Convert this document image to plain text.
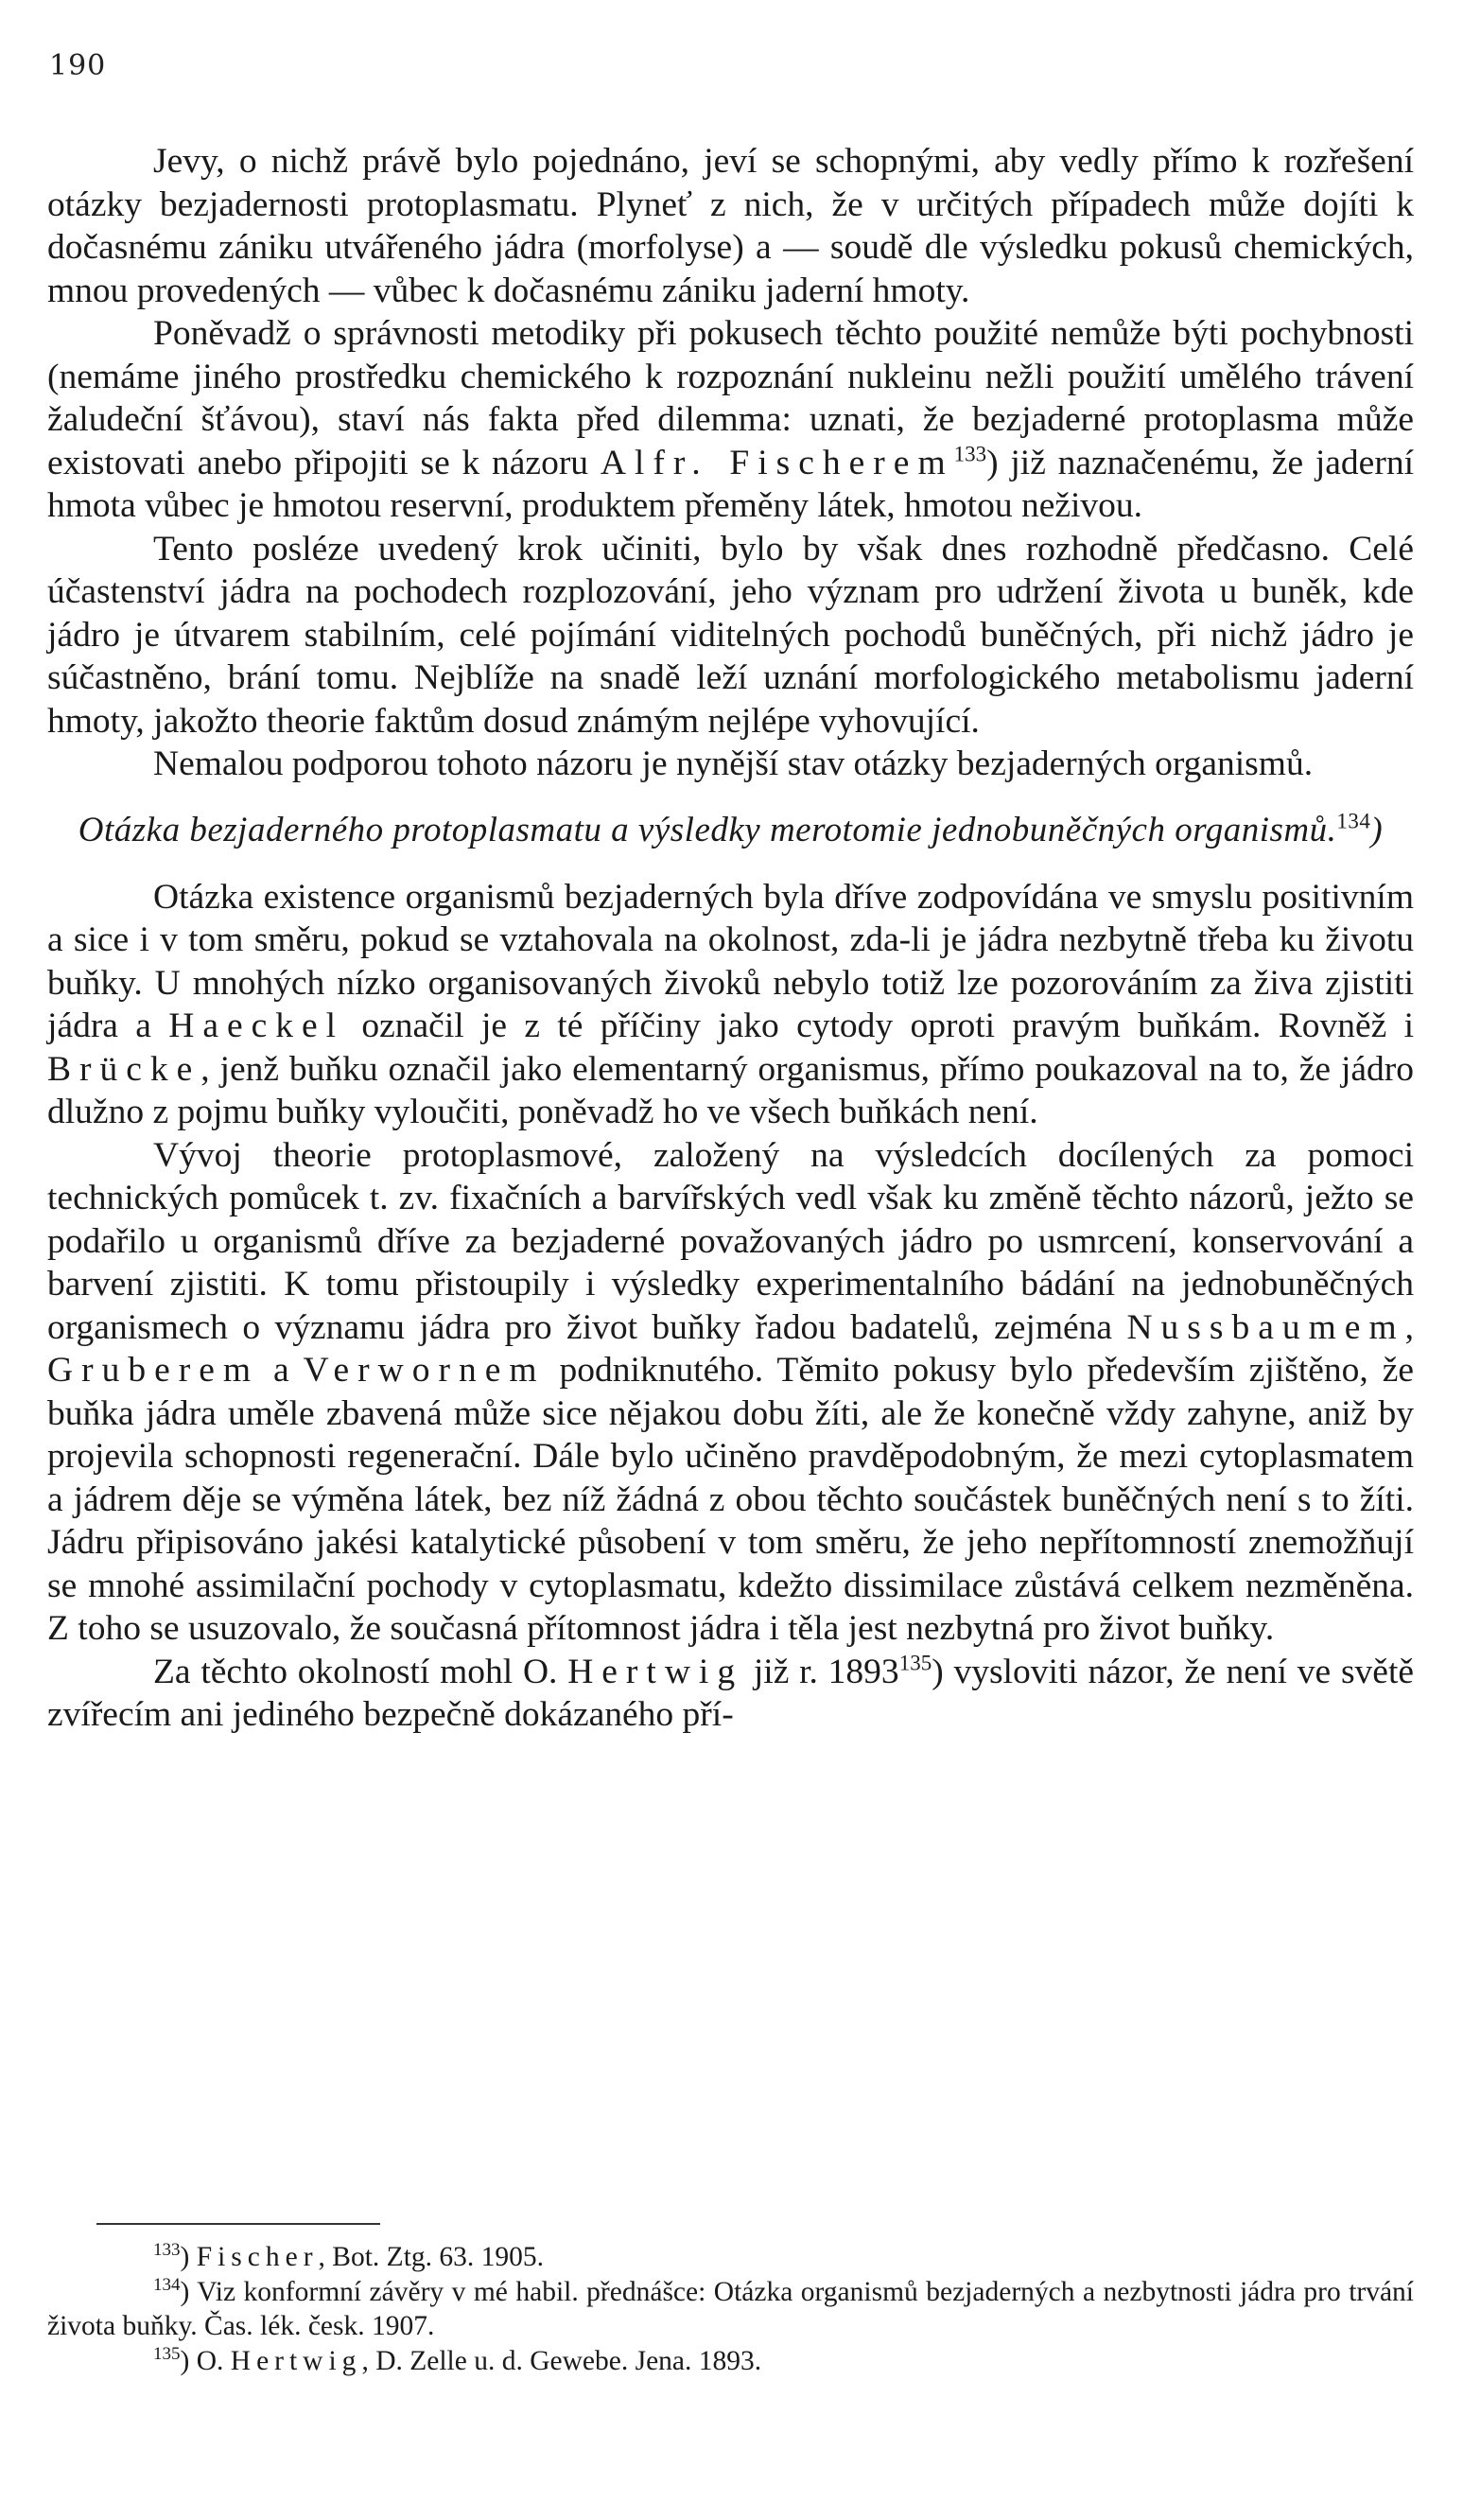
190

Jevy, o nichž právě bylo pojednáno, jeví se schopnými, aby vedly přímo k rozřešení otázky bezjadernosti protoplasmatu. Plyneť z nich, že v určitých případech může dojíti k dočasnému zániku utvářeného jádra (morfolyse) a — soudě dle výsledku pokusů chemických, mnou provedených — vůbec k dočasnému zániku jaderní hmoty.

Poněvadž o správnosti metodiky při pokusech těchto použité nemůže býti pochybnosti (nemáme jiného prostředku chemického k rozpoznání nukleinu nežli použití umělého trávení žaludeční šťávou), staví nás fakta před dilemma: uznati, že bezjaderné protoplasma může existovati anebo připojiti se k názoru Alfr. Fischerem$^{133}$) již naznačenému, že jaderní hmota vůbec je hmotou reservní, produktem přeměny látek, hmotou neživou.

Tento posléze uvedený krok učiniti, bylo by však dnes rozhodně předčasno. Celé účastenství jádra na pochodech rozplozování, jeho význam pro udržení života u buněk, kde jádro je útvarem stabilním, celé pojímání viditelných pochodů buněčných, při nichž jádro je súčastněno, brání tomu. Nejblíže na snadě leží uznání morfologického metabolismu jaderní hmoty, jakožto theorie faktům dosud známým nejlépe vyhovující.

Nemalou podporou tohoto názoru je nynější stav otázky bezjaderných organismů.

Otázka bezjaderného protoplasmatu a výsledky merotomie jednobuněčných organismů.$^{134}$)

Otázka existence organismů bezjaderných byla dříve zodpovídána ve smyslu positivním a sice i v tom směru, pokud se vztahovala na okolnost, zda-li je jádra nezbytně třeba ku životu buňky. U mnohých nízko organisovaných živoků nebylo totiž lze pozorováním za živa zjistiti jádra a Haeckel označil je z té příčiny jako cytody oproti pravým buňkám. Rovněž i Brücke, jenž buňku označil jako elementarný organismus, přímo poukazoval na to, že jádro dlužno z pojmu buňky vyloučiti, poněvadž ho ve všech buňkách není.

Vývoj theorie protoplasmové, založený na výsledcích docílených za pomoci technických pomůcek t. zv. fixačních a barvířských vedl však ku změně těchto názorů, ježto se podařilo u organismů dříve za bezjaderné považovaných jádro po usmrcení, konservování a barvení zjistiti. K tomu přistoupily i výsledky experimentalního bádání na jednobuněčných organismech o významu jádra pro život buňky řadou badatelů, zejména Nussbaumem, Gruberem a Verwornem podniknutého. Těmito pokusy bylo především zjištěno, že buňka jádra uměle zbavená může sice nějakou dobu žíti, ale že konečně vždy zahyne, aniž by projevila schopnosti regenerační. Dále bylo učiněno pravděpodobným, že mezi cytoplasmatem a jádrem děje se výměna látek, bez níž žádná z obou těchto součástek buněčných není s to žíti. Jádru připisováno jakési katalytické působení v tom směru, že jeho nepřítomností znemožňují se mnohé assimilační pochody v cytoplasmatu, kdežto dissimilace zůstává celkem nezměněna. Z toho se usuzovalo, že současná přítomnost jádra i těla jest nezbytná pro život buňky.

Za těchto okolností mohl O. Hertwig již r. 1893$^{135}$) vysloviti názor, že není ve světě zvířecím ani jediného bezpečně dokázaného pří-

$^{133}$) Fischer, Bot. Ztg. 63. 1905.

$^{134}$) Viz konformní závěry v mé habil. přednášce: Otázka organismů bezjaderných a nezbytnosti jádra pro trvání života buňky. Čas. lék. česk. 1907.

$^{135}$) O. Hertwig, D. Zelle u. d. Gewebe. Jena. 1893.
